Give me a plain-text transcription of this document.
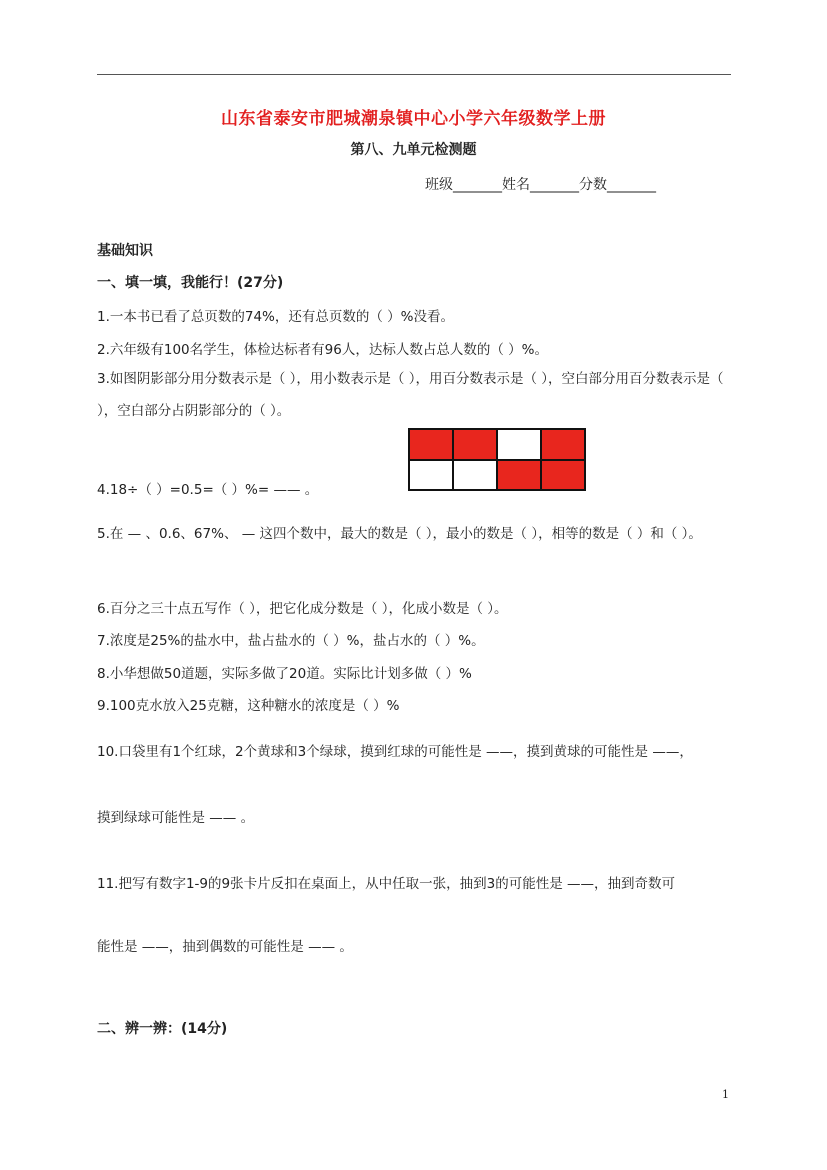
山东省泰安市肥城潮泉镇中心小学六年级数学上册
第八、九单元检测题
班级_______姓名_______分数_______
基础知识
一、填一填，我能行！(27分)
1.一本书已看了总页数的74%，还有总页数的（ ）%没看。
2.六年级有100名学生，体检达标者有96人，达标人数占总人数的（ ）%。
3.如图阴影部分用分数表示是（ ），用小数表示是（ ），用百分数表示是（ ），空白部分用百分数表示是（ ），空白部分占阴影部分的（ ）。
4.18÷（ ）=0.5=（ ）%= —— 。
5.在 — 、0.6、67%、 — 这四个数中，最大的数是（ ），最小的数是（ ），相等的数是（ ）和（ ）。
6.百分之三十点五写作（ ），把它化成分数是（ ），化成小数是（ ）。
7.浓度是25%的盐水中，盐占盐水的（ ）%，盐占水的（ ）%。
8.小华想做50道题，实际多做了20道。实际比计划多做（ ）%
9.100克水放入25克糖，这种糖水的浓度是（ ）%
10.口袋里有1个红球，2个黄球和3个绿球，摸到红球的可能性是 ——，摸到黄球的可能性是 ——，
摸到绿球可能性是 —— 。
11.把写有数字1-9的9张卡片反扣在桌面上，从中任取一张，抽到3的可能性是 ——，抽到奇数可
能性是 ——，抽到偶数的可能性是 —— 。
二、辨一辨：(14分)
1
